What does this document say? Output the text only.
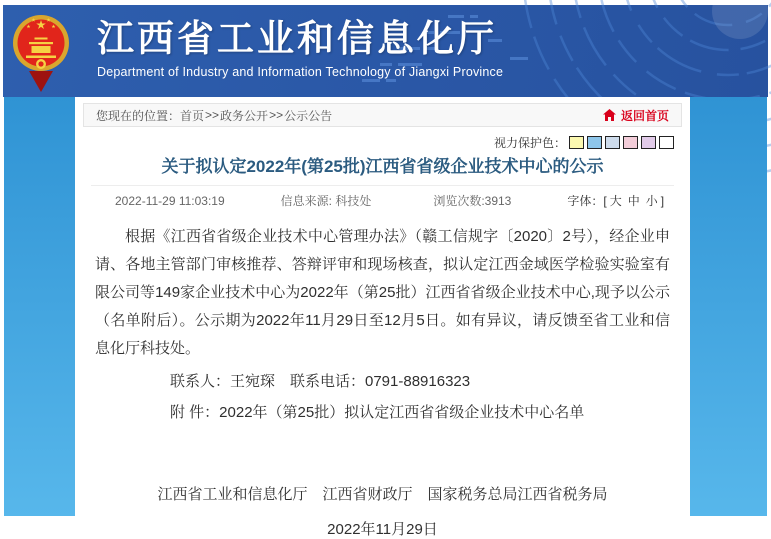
江西省工业和信息化厅
Department of Industry and Information Technology of Jiangxi Province
您现在的位置： 首页 >> 政务公开 >> 公示公告	返回首页
视力保护色：
关于拟认定2022年(第25批)江西省省级企业技术中心的公示
2022-11-29 11:03:19	信息来源: 科技处	浏览次数:3913	字体：[ 大 中 小 ]
根据《江西省省级企业技术中心管理办法》（赣工信规字〔2020〕2号），经企业申请、各地主管部门审核推荐、答辩评审和现场核查，拟认定江西金域医学检验实验室有限公司等149家企业技术中心为2022年（第25批）江西省省级企业技术中心,现予以公示（名单附后）。公示期为2022年11月29日至12月5日。如有异议，请反馈至省工业和信息化厅科技处。
联系人：王宛琛　联系电话：0791-88916323
附 件：2022年（第25批）拟认定江西省省级企业技术中心名单
江西省工业和信息化厅　江西省财政厅　国家税务总局江西省税务局
2022年11月29日
